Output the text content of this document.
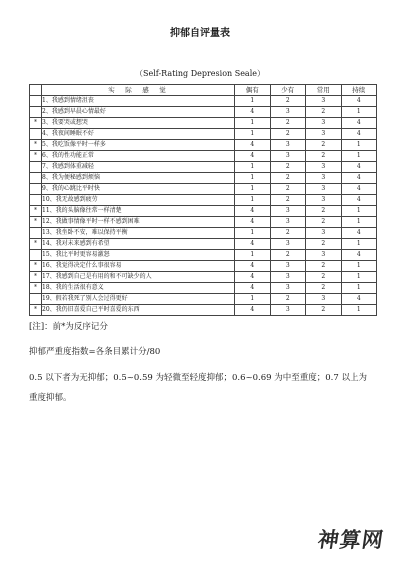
抑郁自评量表
（Self-Rating Depresion Seale）
	实　际　感　觉	偶有	少有	常用	持续
	1、我感到情绪沮丧	1	2	3	4
	2、我感到早晨心情最好	4	3	2	1
*	3、我要哭或想哭	1	2	3	4
	4、我夜间睡眠不好	1	2	3	4
*	5、我吃饭像平时一样多	4	3	2	1
*	6、我的性功能正常	4	3	2	1
	7、我感到体重减轻	1	2	3	4
	8、我为便秘感到烦恼	1	2	3	4
	9、我的心跳比平时快	1	2	3	4
	10、我无故感到疲劳	1	2	3	4
*	11、我的头脑像往常一样清楚	4	3	2	1
*	12、我做事情像平时一样不感到困难	4	3	2	1
	13、我坐卧不安，难以保持平衡	1	2	3	4
*	14、我对未来感到有希望	4	3	2	1
	15、我比平时更容易激怒	1	2	3	4
*	16、我觉得决定什么事很容易	4	3	2	1
*	17、我感到自己是有用的和不可缺少的人	4	3	2	1
*	18、我的生活很有意义	4	3	2	1
	19、假若我死了别人会过得更好	1	2	3	4
*	20、我仍旧喜爱自己平时喜爱的东西	4	3	2	1
[注]：前*为反序记分
抑郁严重度指数=各条目累计分/80
0.5 以下者为无抑郁；0.5~0.59 为轻微至轻度抑郁；0.6~0.69 为中至重度；0.7 以上为重度抑郁。
神算网
